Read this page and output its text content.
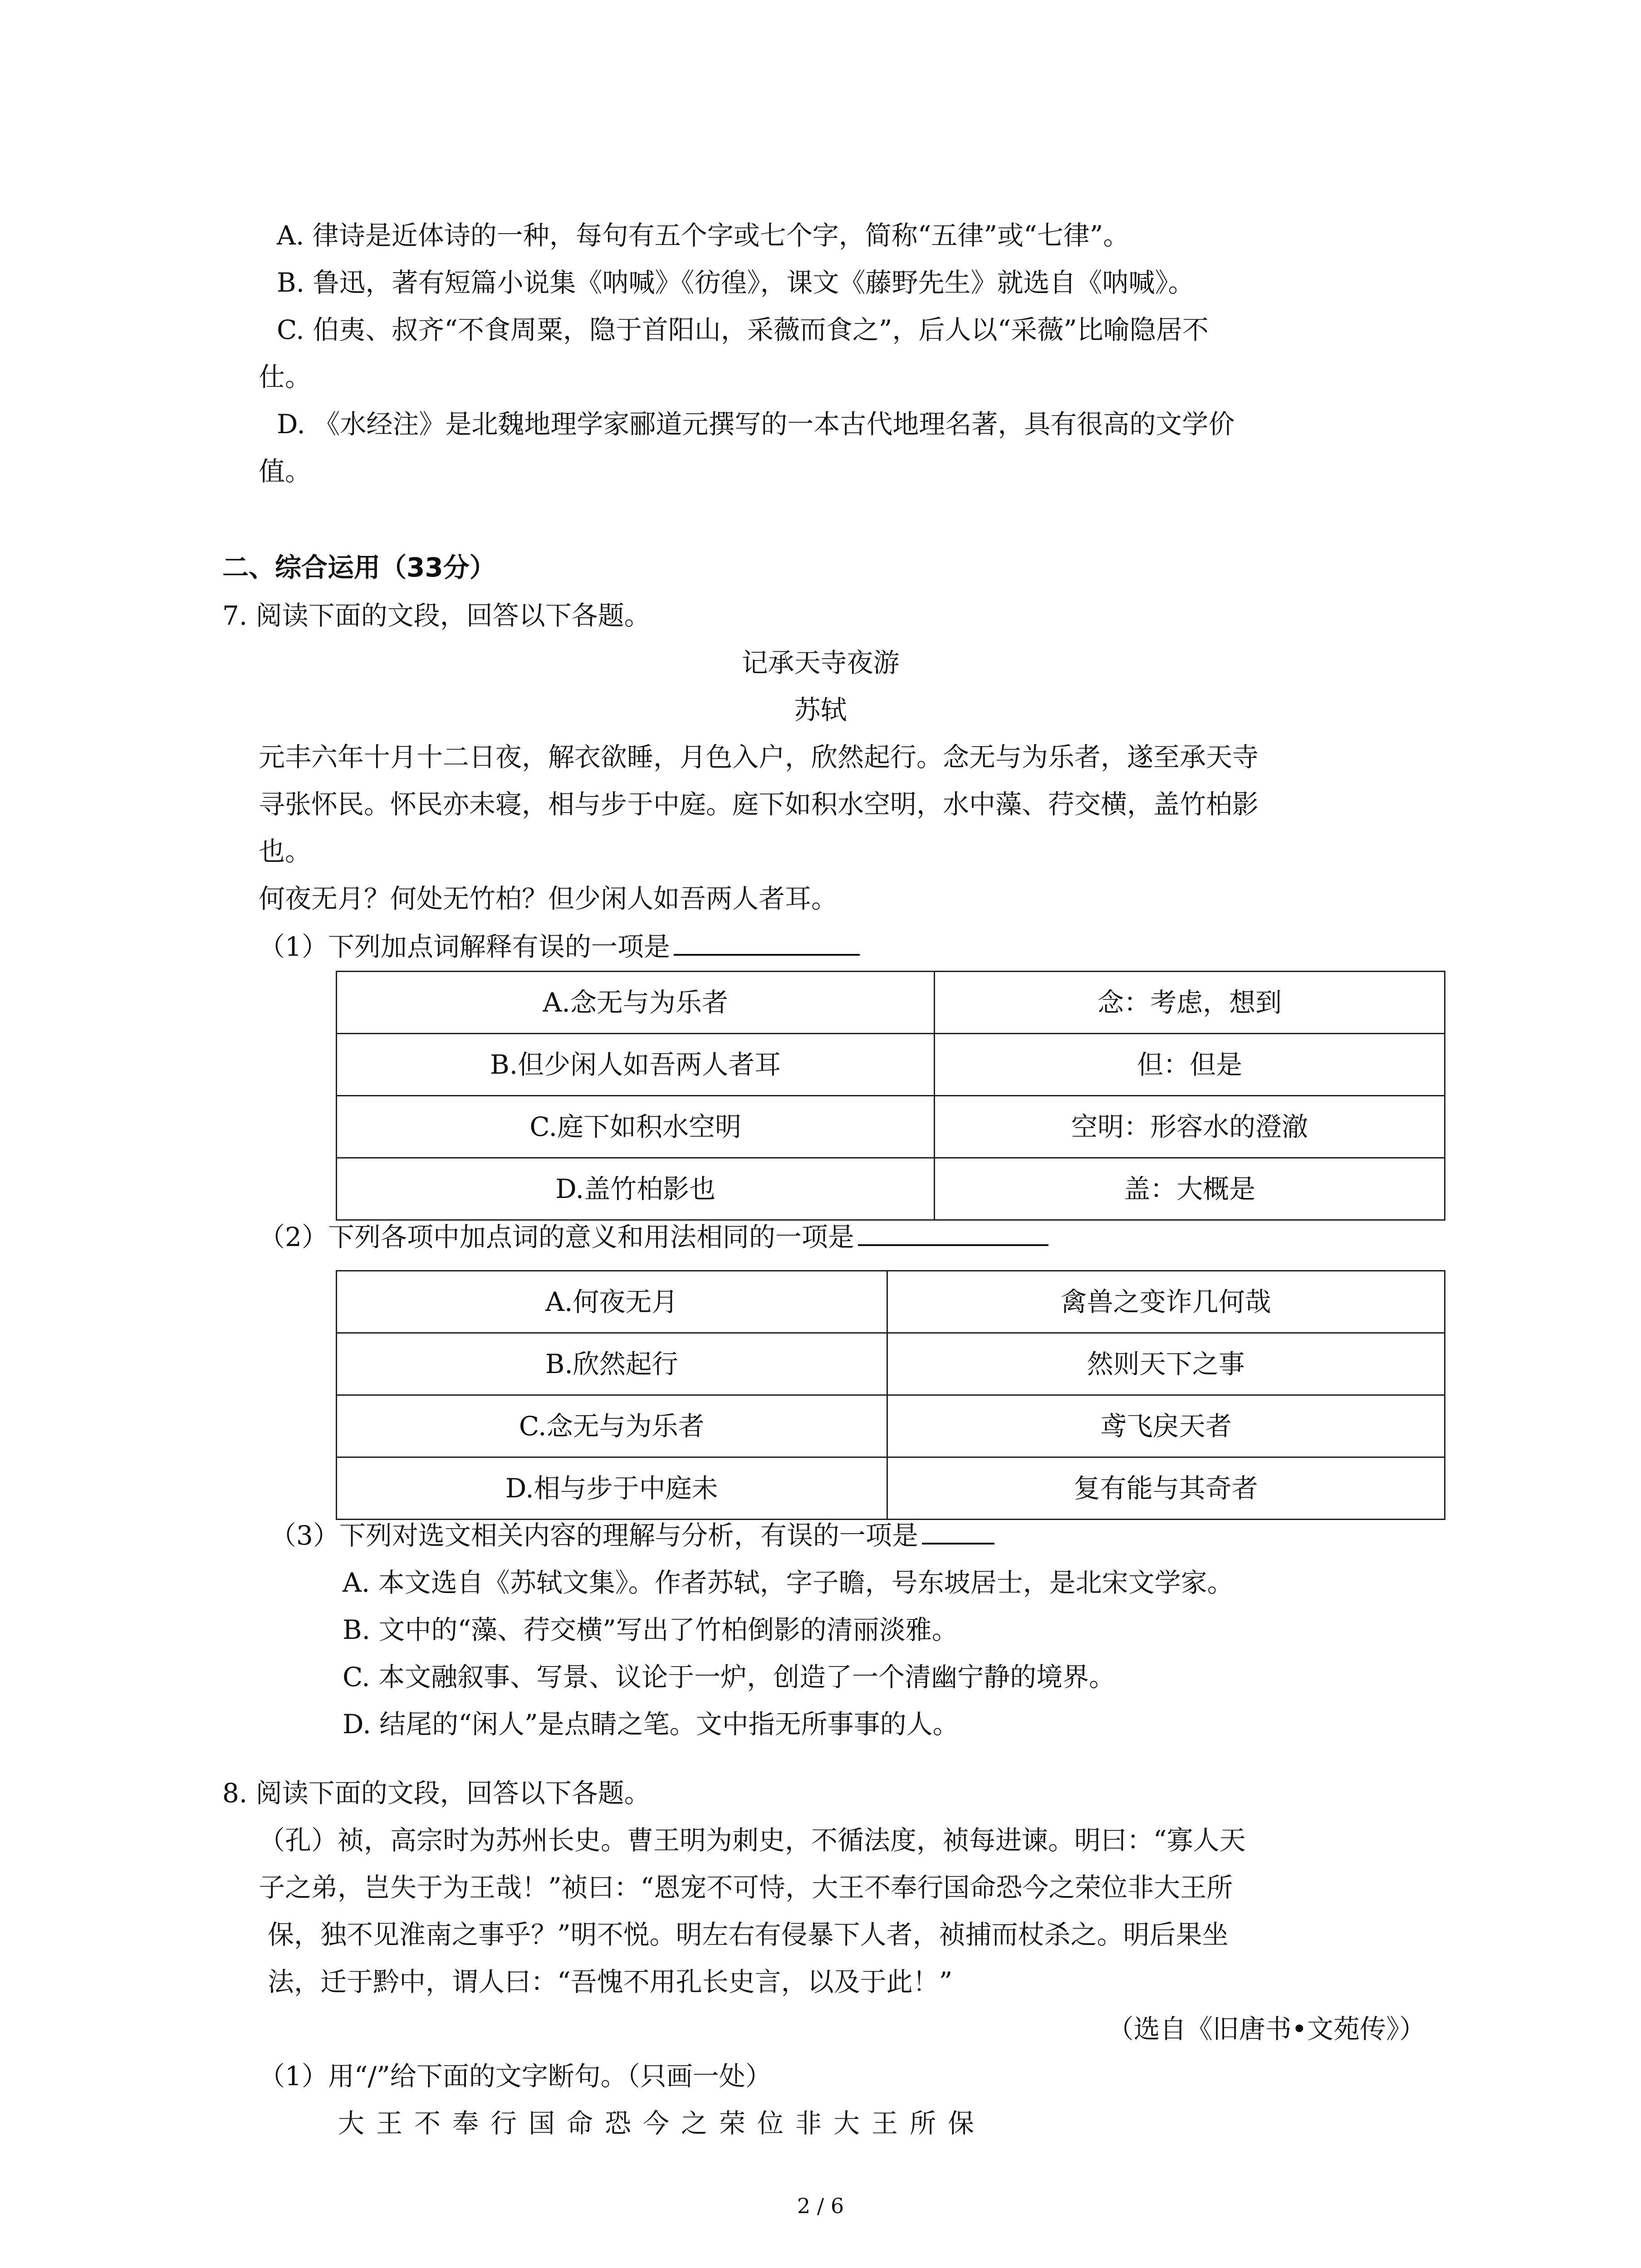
A. 律诗是近体诗的一种，每句有五个字或七个字，简称“五律”或“七律”。
B. 鲁迅，著有短篇小说集《呐喊》《彷徨》，课文《藤野先生》就选自《呐喊》。
C. 伯夷、叔齐“不食周粟，隐于首阳山，采薇而食之”，后人以“采薇”比喻隐居不
仕。
D. 《水经注》是北魏地理学家郦道元撰写的一本古代地理名著，具有很高的文学价
值。
二、综合运用（33分）
7. 阅读下面的文段，回答以下各题。
记承天寺夜游
苏轼
元丰六年十月十二日夜，解衣欲睡，月色入户，欣然起行。念无与为乐者，遂至承天寺
寻张怀民。怀民亦未寝，相与步于中庭。庭下如积水空明，水中藻、荇交横，盖竹柏影
也。
何夜无月？何处无竹柏？但少闲人如吾两人者耳。
（1）下列加点词解释有误的一项是
A.念无与为乐者	念：考虑，想到
B.但少闲人如吾两人者耳	但：但是
C.庭下如积水空明	空明：形容水的澄澈
D.盖竹柏影也	盖：大概是
（2）下列各项中加点词的意义和用法相同的一项是
A.何夜无月	禽兽之变诈几何哉
B.欣然起行	然则天下之事
C.念无与为乐者	鸢飞戾天者
D.相与步于中庭未	复有能与其奇者
（3）下列对选文相关内容的理解与分析，有误的一项是
A. 本文选自《苏轼文集》。作者苏轼，字子瞻，号东坡居士，是北宋文学家。
B. 文中的“藻、荇交横”写出了竹柏倒影的清丽淡雅。
C. 本文融叙事、写景、议论于一炉，创造了一个清幽宁静的境界。
D. 结尾的“闲人”是点睛之笔。文中指无所事事的人。
8. 阅读下面的文段，回答以下各题。
（孔）祯，高宗时为苏州长史。曹王明为刺史，不循法度，祯每进谏。明曰：“寡人天
子之弟，岂失于为王哉！”祯曰：“恩宠不可恃，大王不奉行国命恐今之荣位非大王所
保，独不见淮南之事乎？”明不悦。明左右有侵暴下人者，祯捕而杖杀之。明后果坐
法，迁于黔中，谓人曰：“吾愧不用孔长史言，以及于此！”
（选自《旧唐书•文苑传》）
（1）用“/”给下面的文字断句。（只画一处）
大王不奉行国命恐今之荣位非大王所保
2 / 6
